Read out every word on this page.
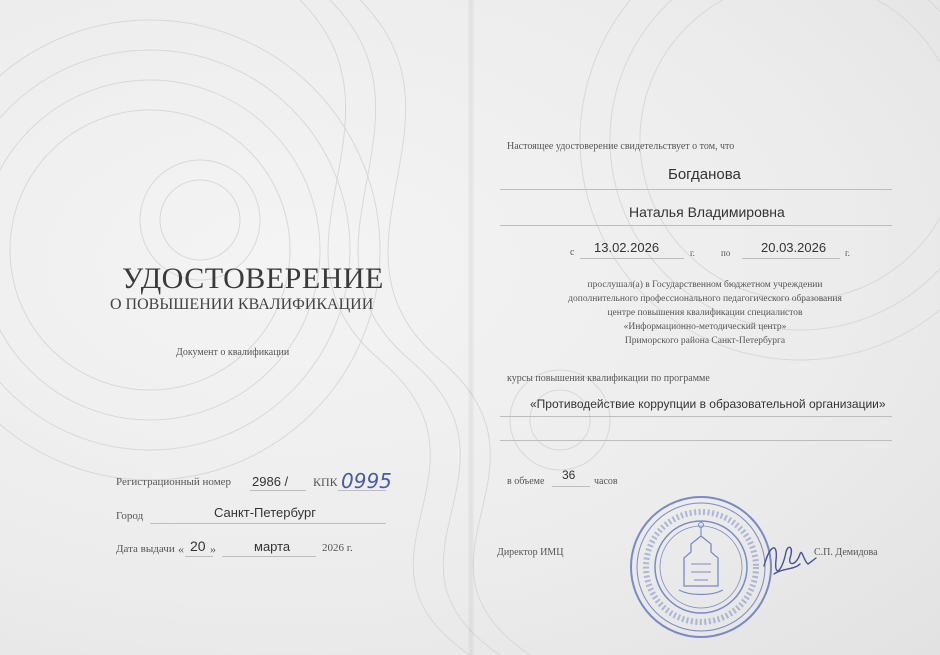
УДОСТОВЕРЕНИЕ
О ПОВЫШЕНИИ КВАЛИФИКАЦИИ
Документ о квалификации
Регистрационный номер 2986 / КПК 0995
Город	Санкт-Петербург
Дата выдачи « 20 »	марта	2026 г.
Настоящее удостоверение свидетельствует о том, что
Богданова
Наталья Владимировна
с 13.02.2026	г.	по 20.03.2026 г.
прослушал(а) в Государственном бюджетном учреждении
дополнительного профессионального педагогического образования
центре повышения квалификации специалистов
«Информационно-методический центр»
Приморского района Санкт-Петербурга
курсы повышения квалификации по программе
«Противодействие коррупции в образовательной организации»
в объеме 36 часов
Директор ИМЦ	С.П. Демидова
